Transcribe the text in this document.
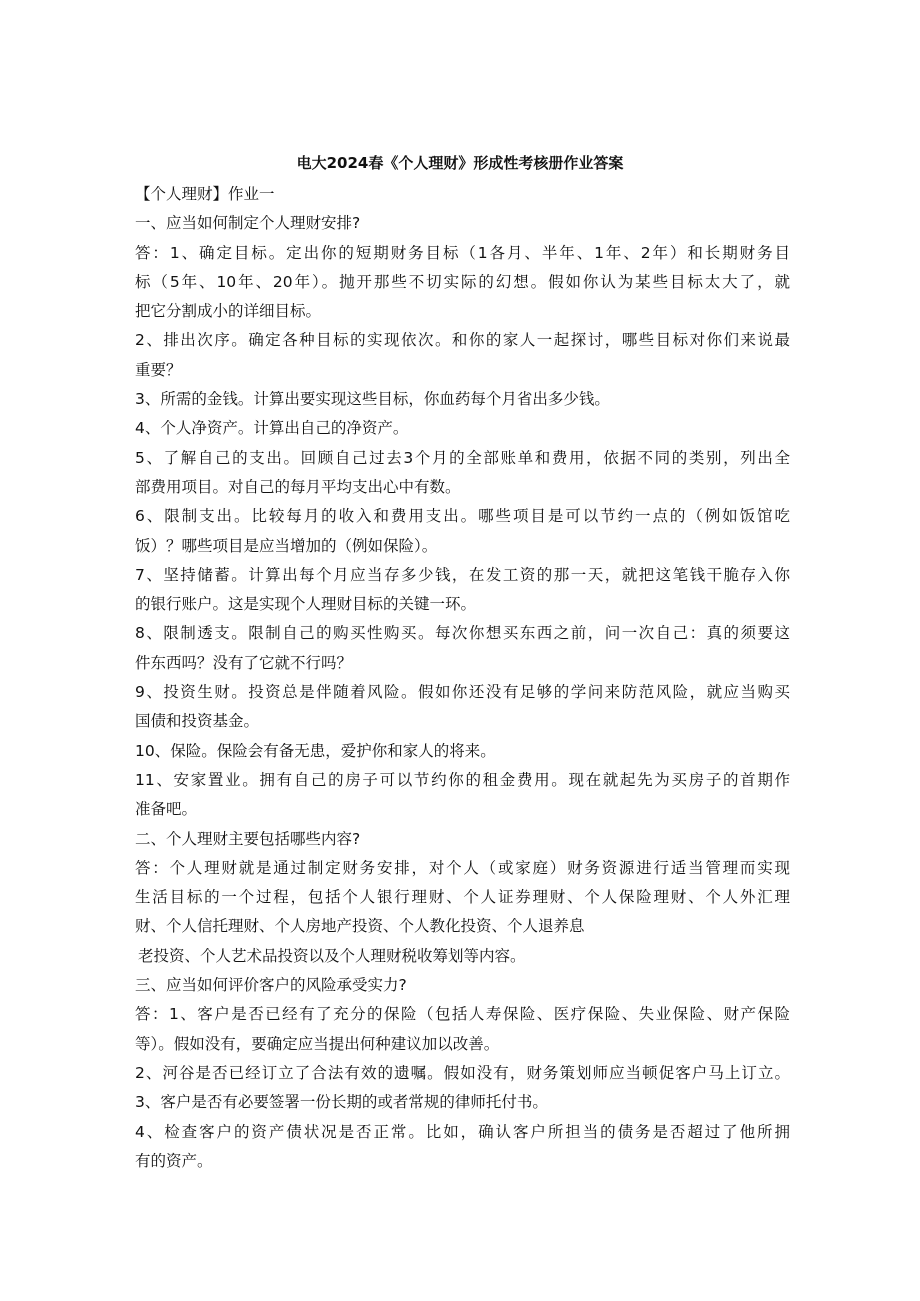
电大2024春《个人理财》形成性考核册作业答案
【个人理财】作业一
一、应当如何制定个人理财安排?
答：1、确定目标。定出你的短期财务目标（1各月、半年、1年、2年）和长期财务目
标（5年、10年、20年）。抛开那些不切实际的幻想。假如你认为某些目标太大了，就
把它分割成小的详细目标。
2、排出次序。确定各种目标的实现依次。和你的家人一起探讨，哪些目标对你们来说最
重要？
3、所需的金钱。计算出要实现这些目标，你血药每个月省出多少钱。
4、个人净资产。计算出自己的净资产。
5、了解自己的支出。回顾自己过去3个月的全部账单和费用，依据不同的类别，列出全
部费用项目。对自己的每月平均支出心中有数。
6、限制支出。比较每月的收入和费用支出。哪些项目是可以节约一点的（例如饭馆吃
饭）？哪些项目是应当增加的（例如保险）。
7、坚持储蓄。计算出每个月应当存多少钱，在发工资的那一天，就把这笔钱干脆存入你
的银行账户。这是实现个人理财目标的关键一环。
8、限制透支。限制自己的购买性购买。每次你想买东西之前，问一次自己：真的须要这
件东西吗？没有了它就不行吗？
9、投资生财。投资总是伴随着风险。假如你还没有足够的学问来防范风险，就应当购买
国债和投资基金。
10、保险。保险会有备无患，爱护你和家人的将来。
11、安家置业。拥有自己的房子可以节约你的租金费用。现在就起先为买房子的首期作
准备吧。
二、个人理财主要包括哪些内容?
答：个人理财就是通过制定财务安排，对个人（或家庭）财务资源进行适当管理而实现
生活目标的一个过程，包括个人银行理财、个人证券理财、个人保险理财、个人外汇理
财、个人信托理财、个人房地产投资、个人教化投资、个人退养息
老投资、个人艺术品投资以及个人理财税收筹划等内容。
三、应当如何评价客户的风险承受实力?
答：1、客户是否已经有了充分的保险（包括人寿保险、医疗保险、失业保险、财产保险
等）。假如没有，要确定应当提出何种建议加以改善。
2、河谷是否已经订立了合法有效的遗嘱。假如没有，财务策划师应当顿促客户马上订立。
3、客户是否有必要签署一份长期的或者常规的律师托付书。
4、检查客户的资产债状况是否正常。比如，确认客户所担当的债务是否超过了他所拥
有的资产。
